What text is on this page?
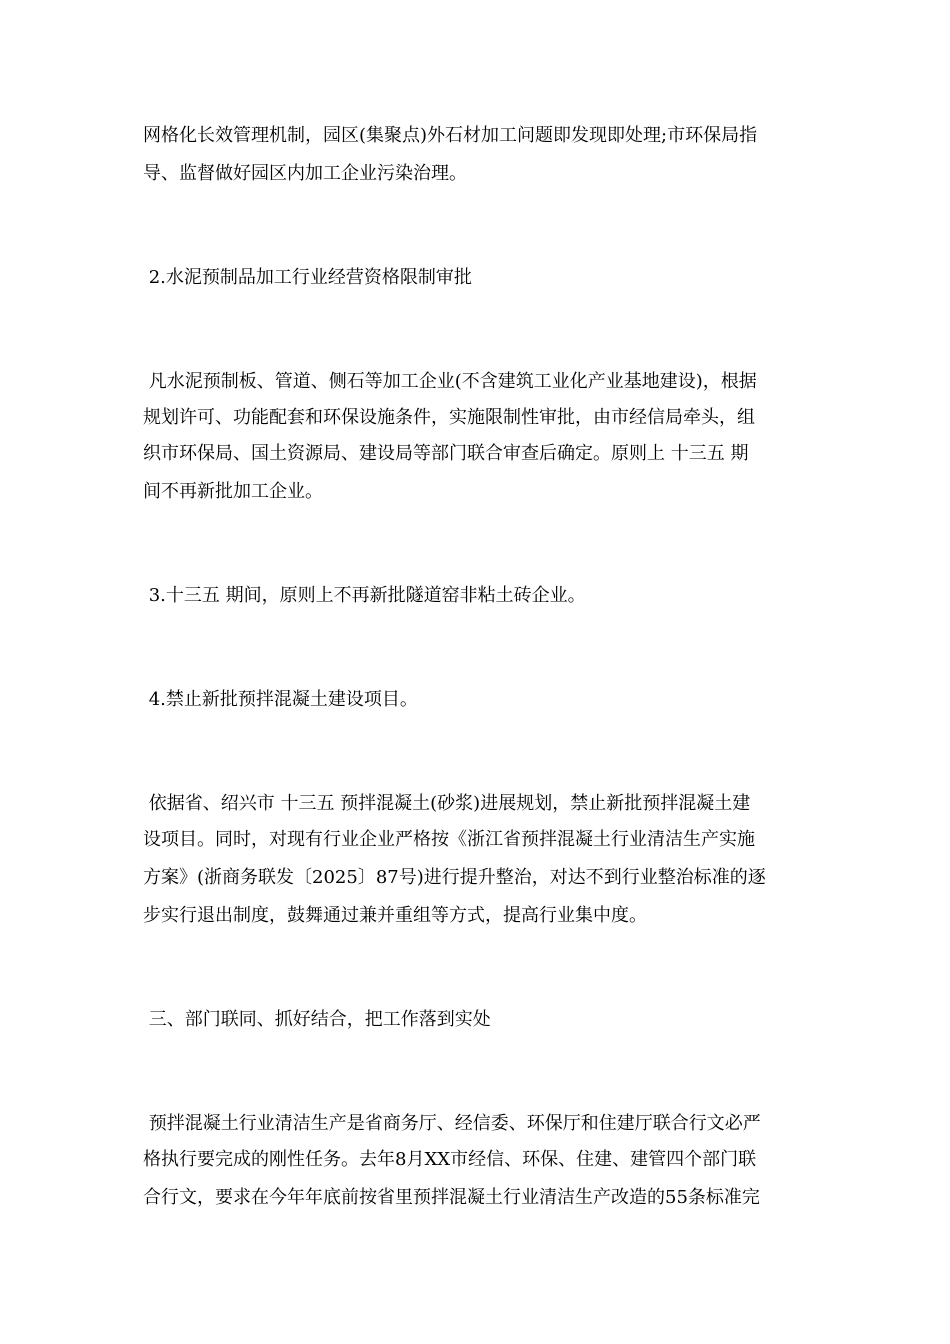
网格化长效管理机制，园区(集聚点)外石材加工问题即发现即处理;市环保局指

导、监督做好园区内加工企业污染治理。

2.水泥预制品加工行业经营资格限制审批

凡水泥预制板、管道、侧石等加工企业(不含建筑工业化产业基地建设)，根据

规划许可、功能配套和环保设施条件，实施限制性审批，由市经信局牵头，组

织市环保局、国土资源局、建设局等部门联合审查后确定。原则上 十三五 期

间不再新批加工企业。

3.十三五 期间，原则上不再新批隧道窑非粘土砖企业。

4.禁止新批预拌混凝土建设项目。

依据省、绍兴市 十三五 预拌混凝土(砂浆)进展规划，禁止新批预拌混凝土建

设项目。同时，对现有行业企业严格按《浙江省预拌混凝土行业清洁生产实施

方案》(浙商务联发〔2025〕87号)进行提升整治，对达不到行业整治标准的逐

步实行退出制度，鼓舞通过兼并重组等方式，提高行业集中度。

三、部门联同、抓好结合，把工作落到实处

预拌混凝土行业清洁生产是省商务厅、经信委、环保厅和住建厅联合行文必严

格执行要完成的刚性任务。去年8月XX市经信、环保、住建、建管四个部门联

合行文，要求在今年年底前按省里预拌混凝土行业清洁生产改造的55条标准完
